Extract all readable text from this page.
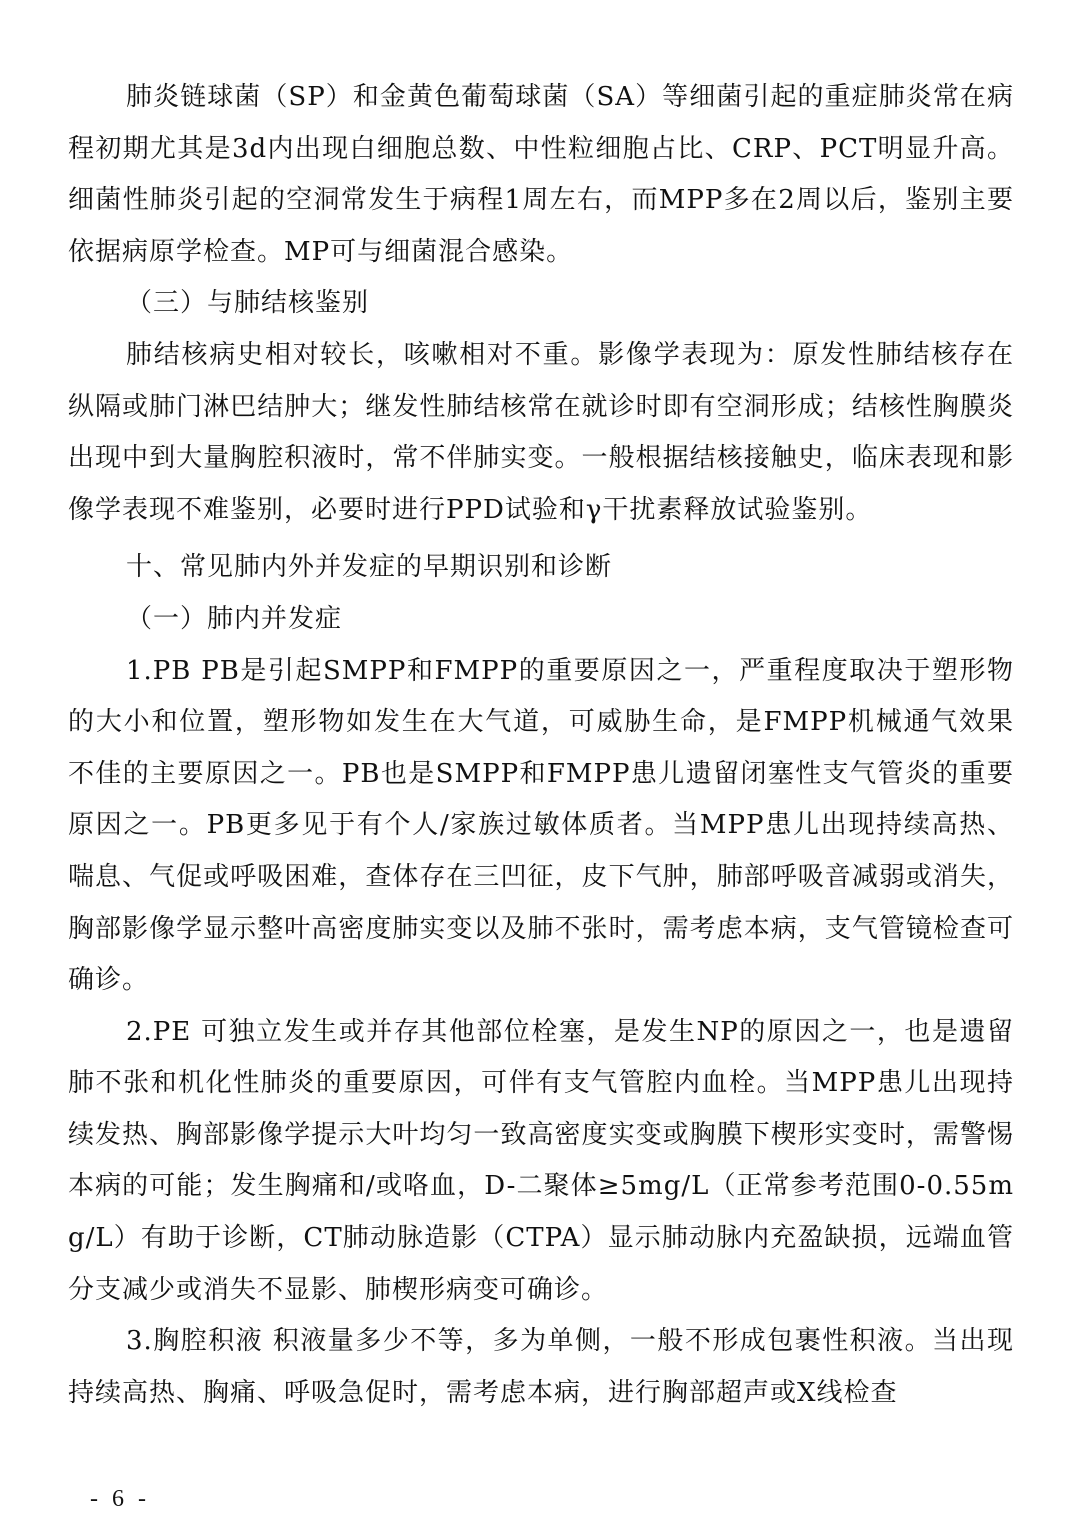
肺炎链球菌（SP）和金黄色葡萄球菌（SA）等细菌引起的重症肺炎常在病程初期尤其是3d内出现白细胞总数、中性粒细胞占比、CRP、PCT明显升高。细菌性肺炎引起的空洞常发生于病程1周左右，而MPP多在2周以后，鉴别主要依据病原学检查。MP可与细菌混合感染。

（三）与肺结核鉴别

肺结核病史相对较长，咳嗽相对不重。影像学表现为：原发性肺结核存在纵隔或肺门淋巴结肿大；继发性肺结核常在就诊时即有空洞形成；结核性胸膜炎出现中到大量胸腔积液时，常不伴肺实变。一般根据结核接触史，临床表现和影像学表现不难鉴别，必要时进行PPD试验和γ干扰素释放试验鉴别。

十、常见肺内外并发症的早期识别和诊断

（一）肺内并发症

1.PB PB是引起SMPP和FMPP的重要原因之一，严重程度取决于塑形物的大小和位置，塑形物如发生在大气道，可威胁生命，是FMPP机械通气效果不佳的主要原因之一。PB也是SMPP和FMPP患儿遗留闭塞性支气管炎的重要原因之一。PB更多见于有个人/家族过敏体质者。当MPP患儿出现持续高热、喘息、气促或呼吸困难，查体存在三凹征，皮下气肿，肺部呼吸音减弱或消失，胸部影像学显示整叶高密度肺实变以及肺不张时，需考虑本病，支气管镜检查可确诊。

2.PE 可独立发生或并存其他部位栓塞，是发生NP的原因之一，也是遗留肺不张和机化性肺炎的重要原因，可伴有支气管腔内血栓。当MPP患儿出现持续发热、胸部影像学提示大叶均匀一致高密度实变或胸膜下楔形实变时，需警惕本病的可能；发生胸痛和/或咯血，D-二聚体≥5mg/L（正常参考范围0-0.55mg/L）有助于诊断，CT肺动脉造影（CTPA）显示肺动脉内充盈缺损，远端血管分支减少或消失不显影、肺楔形病变可确诊。

3.胸腔积液 积液量多少不等，多为单侧，一般不形成包裹性积液。当出现持续高热、胸痛、呼吸急促时，需考虑本病，进行胸部超声或X线检查

- 6 -
